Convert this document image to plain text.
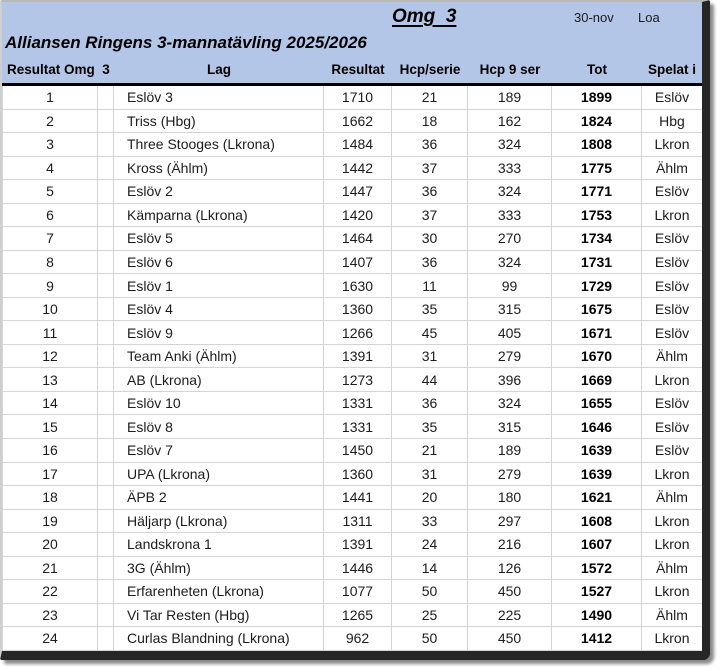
Omg  3	30-nov Loa
Alliansen Ringens 3-mannatävling 2025/2026
Resultat Omg  3	Lag	Resultat	Hcp/serie	Hcp 9 ser	Tot	Spelat i
1	Eslöv 3	1710	21	189	1899	Eslöv
2	Triss (Hbg)	1662	18	162	1824	Hbg
3	Three Stooges (Lkrona)	1484	36	324	1808	Lkron
4	Kross (Ählm)	1442	37	333	1775	Ählm
5	Eslöv 2	1447	36	324	1771	Eslöv
6	Kämparna (Lkrona)	1420	37	333	1753	Lkron
7	Eslöv 5	1464	30	270	1734	Eslöv
8	Eslöv 6	1407	36	324	1731	Eslöv
9	Eslöv 1	1630	11	99	1729	Eslöv
10	Eslöv 4	1360	35	315	1675	Eslöv
11	Eslöv 9	1266	45	405	1671	Eslöv
12	Team Anki (Ählm)	1391	31	279	1670	Ählm
13	AB (Lkrona)	1273	44	396	1669	Lkron
14	Eslöv 10	1331	36	324	1655	Eslöv
15	Eslöv 8	1331	35	315	1646	Eslöv
16	Eslöv 7	1450	21	189	1639	Eslöv
17	UPA (Lkrona)	1360	31	279	1639	Lkron
18	ÄPB 2	1441	20	180	1621	Ählm
19	Häljarp (Lkrona)	1311	33	297	1608	Lkron
20	Landskrona 1	1391	24	216	1607	Lkron
21	3G (Ählm)	1446	14	126	1572	Ählm
22	Erfarenheten (Lkrona)	1077	50	450	1527	Lkron
23	Vi Tar Resten (Hbg)	1265	25	225	1490	Ählm
24	Curlas Blandning (Lkrona)	962	50	450	1412	Lkron
